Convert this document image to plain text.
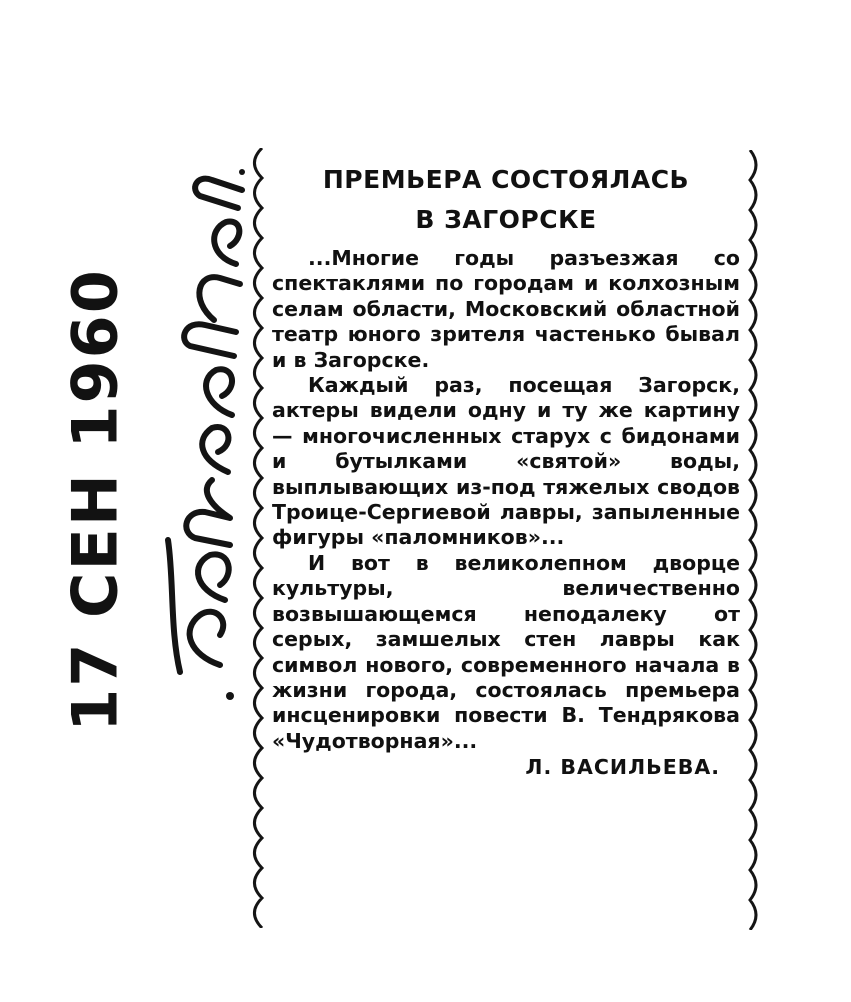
17 СЕН 1960
ПРЕМЬЕРА СОСТОЯЛАСЬ
В ЗАГОРСКЕ

...Многие годы разъезжая со спектаклями по городам и колхозным селам области, Московский областной театр юного зрителя частенько бывал и в Загорске.

Каждый раз, посещая Загорск, актеры видели одну и ту же картину — многочисленных старух с бидонами и бутылками «святой» воды, выплывающих из-под тяжелых сводов Троице-Сергиевой лавры, запыленные фигуры «паломников»...

И вот в великолепном дворце культуры, величественно возвышающемся неподалеку от серых, замшелых стен лавры как символ нового, современного начала в жизни города, состоялась премьера инсценировки повести В. Тендрякова «Чудотворная»...

Л. ВАСИЛЬЕВА.
